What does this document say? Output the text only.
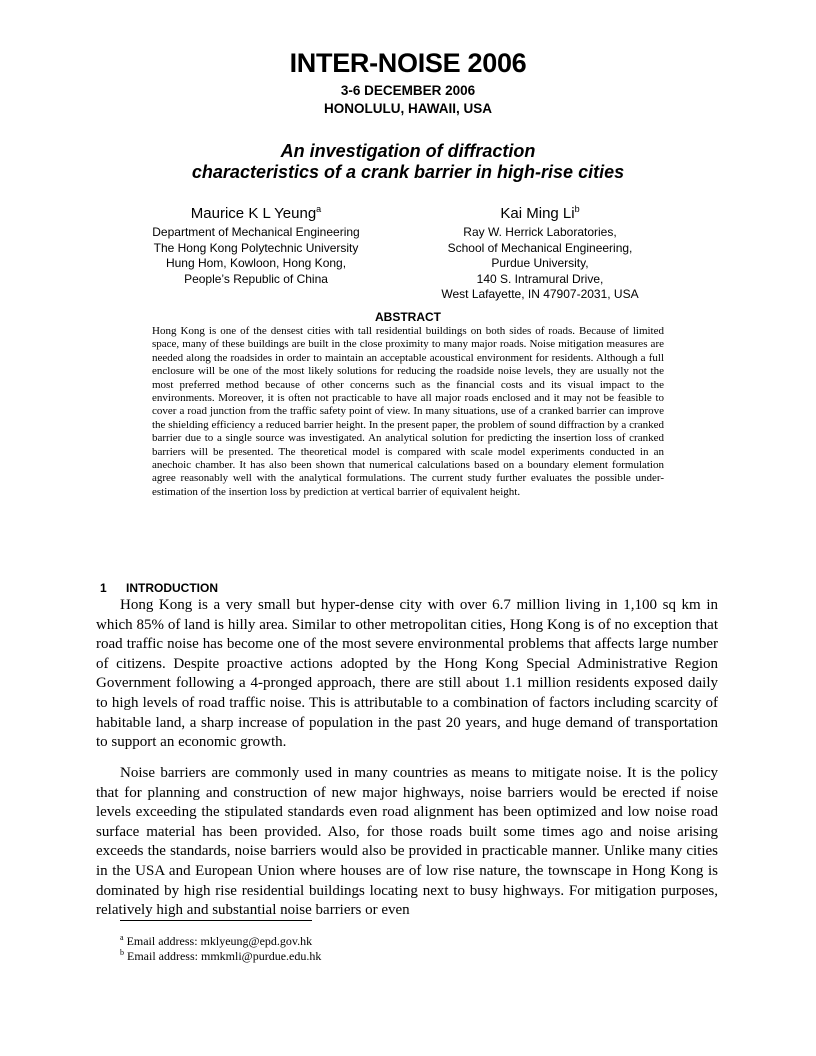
INTER-NOISE 2006
3-6 DECEMBER 2006
HONOLULU, HAWAII, USA
An investigation of diffraction
characteristics of a crank barrier in high-rise cities
Maurice K L Yeung$^a$
Department of Mechanical Engineering
The Hong Kong Polytechnic University
Hung Hom, Kowloon, Hong Kong,
People’s Republic of China
Kai Ming Li$^b$
Ray W. Herrick Laboratories,
School of Mechanical Engineering,
Purdue University,
140 S. Intramural Drive,
West Lafayette, IN 47907-2031, USA
ABSTRACT

Hong Kong is one of the densest cities with tall residential buildings on both sides of roads. Because of limited space, many of these buildings are built in the close proximity to many major roads. Noise mitigation measures are needed along the roadsides in order to maintain an acceptable acoustical environment for residents. Although a full enclosure will be one of the most likely solutions for reducing the roadside noise levels, they are usually not the most preferred method because of other concerns such as the financial costs and its visual impact to the environments. Moreover, it is often not practicable to have all major roads enclosed and it may not be feasible to cover a road junction from the traffic safety point of view. In many situations, use of a cranked barrier can improve the shielding efficiency a reduced barrier height. In the present paper, the problem of sound diffraction by a cranked barrier due to a single source was investigated. An analytical solution for predicting the insertion loss of cranked barriers will be presented. The theoretical model is compared with scale model experiments conducted in an anechoic chamber. It has also been shown that numerical calculations based on a boundary element formulation agree reasonably well with the analytical formulations. The current study further evaluates the possible under-estimation of the insertion loss by prediction at vertical barrier of equivalent height.

1 INTRODUCTION

Hong Kong is a very small but hyper-dense city with over 6.7 million living in 1,100 sq km in which 85% of land is hilly area. Similar to other metropolitan cities, Hong Kong is of no exception that road traffic noise has become one of the most severe environmental problems that affects large number of citizens. Despite proactive actions adopted by the Hong Kong Special Administrative Region Government following a 4-pronged approach, there are still about 1.1 million residents exposed daily to high levels of road traffic noise. This is attributable to a combination of factors including scarcity of habitable land, a sharp increase of population in the past 20 years, and huge demand of transportation to support an economic growth.

Noise barriers are commonly used in many countries as means to mitigate noise. It is the policy that for planning and construction of new major highways, noise barriers would be erected if noise levels exceeding the stipulated standards even road alignment has been optimized and low noise road surface material has been provided. Also, for those roads built some times ago and noise arising exceeds the standards, noise barriers would also be provided in practicable manner. Unlike many cities in the USA and European Union where houses are of low rise nature, the townscape in Hong Kong is dominated by high rise residential buildings locating next to busy highways. For mitigation purposes, relatively high and substantial noise barriers or even

$^a$ Email address: mklyeung@epd.gov.hk
$^b$ Email address: mmkmli@purdue.edu.hk
